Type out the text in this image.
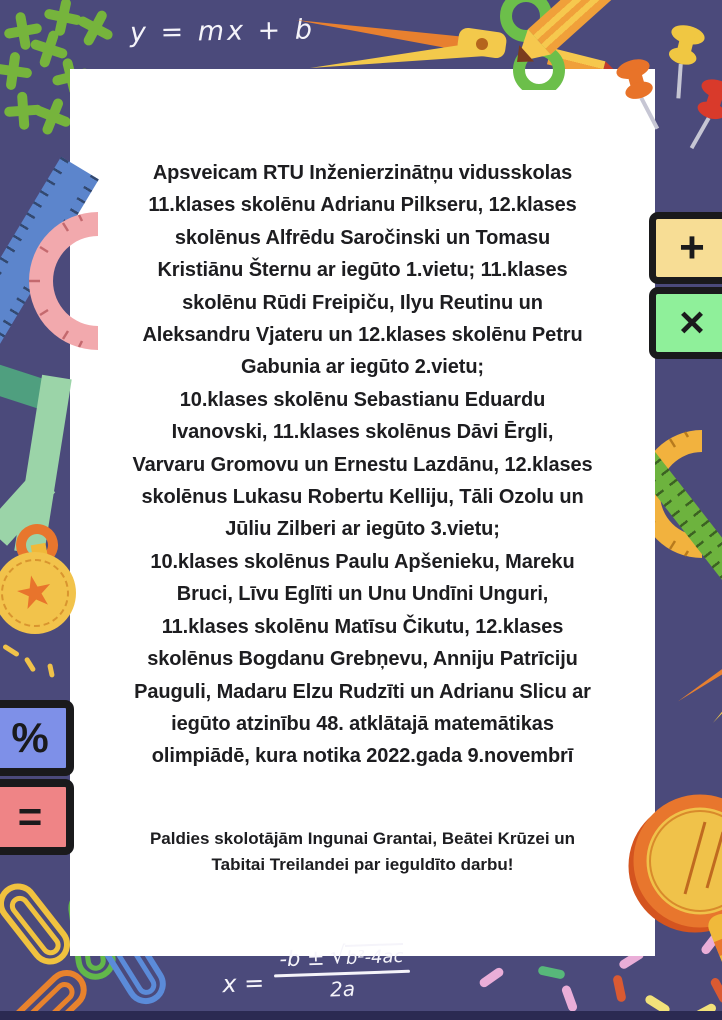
y = mx + b
+
×
★
%
=
Apsveicam RTU Inženierzinātņu vidusskolas
11.klases skolēnu Adrianu Pilkseru, 12.klases
skolēnus Alfrēdu Saročinski un Tomasu
Kristiānu Šternu ar iegūto 1.vietu; 11.klases
skolēnu Rūdi Freipiču, Ilyu Reutinu un
Aleksandru Vjateru un 12.klases skolēnu Petru
Gabunia ar iegūto 2.vietu;
10.klases skolēnu Sebastianu Eduardu
Ivanovski, 11.klases skolēnus Dāvi Ērgli,
Varvaru Gromovu un Ernestu Lazdānu, 12.klases
skolēnus Lukasu Robertu Kelliju, Tāli Ozolu un
Jūliu Zilberi ar iegūto 3.vietu;
10.klases skolēnus Paulu Apšenieku, Mareku
Bruci, Līvu Eglīti un Unu Undīni Unguri,
11.klases skolēnu Matīsu Čikutu, 12.klases
skolēnus Bogdanu Grebņevu, Anniju Patrīciju
Pauguli, Madaru Elzu Rudzīti un Adrianu Slicu ar
iegūto atzinību 48. atklātajā matemātikas
olimpiādē, kura notika 2022.gada 9.novembrī
Paldies skolotājām Ingunai Grantai, Beātei Krūzei un
Tabitai Treilandei par ieguldīto darbu!
x =
-b ± √ b²-4ac
2a
